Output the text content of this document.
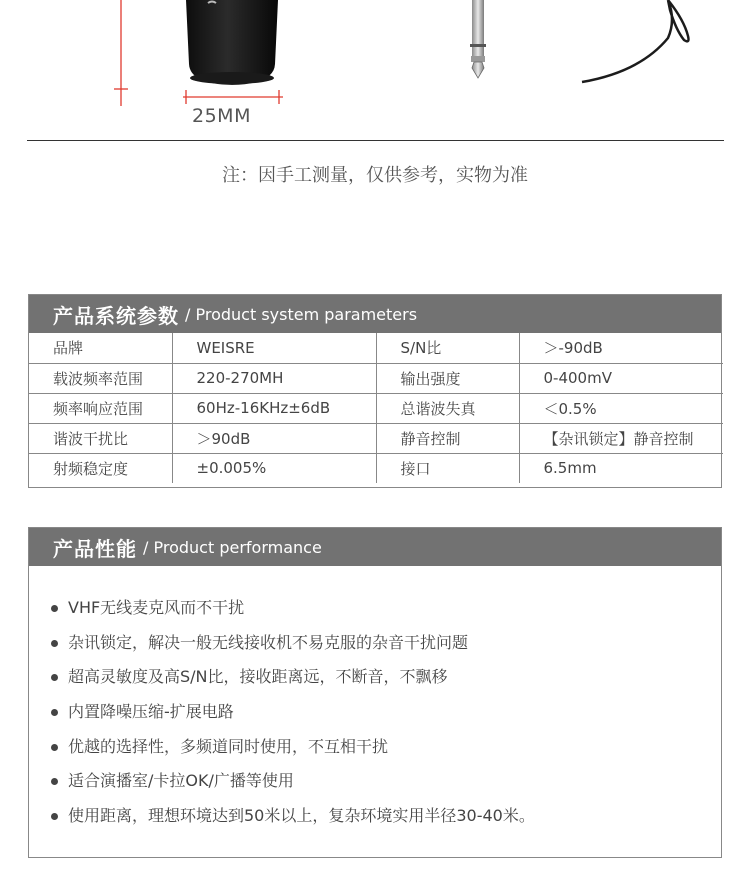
25MM
注：因手工测量，仅供参考，实物为准
产品系统参数 / Product system parameters
品牌	WEISRE	S/N比	＞-90dB
载波频率范围	220-270MH	输出强度	0-400mV
频率响应范围	60Hz-16KHz±6dB	总谐波失真	＜0.5%
谐波干扰比	＞90dB	静音控制	【杂讯锁定】静音控制
射频稳定度	±0.005%	接口	6.5mm
产品性能 / Product performance
VHF无线麦克风而不干扰
杂讯锁定，解决一般无线接收机不易克服的杂音干扰问题
超高灵敏度及高S/N比，接收距离远，不断音，不飘移
内置降噪压缩-扩展电路
优越的选择性，多频道同时使用，不互相干扰
适合演播室/卡拉OK/广播等使用
使用距离，理想环境达到50米以上，复杂环境实用半径30-40米。
